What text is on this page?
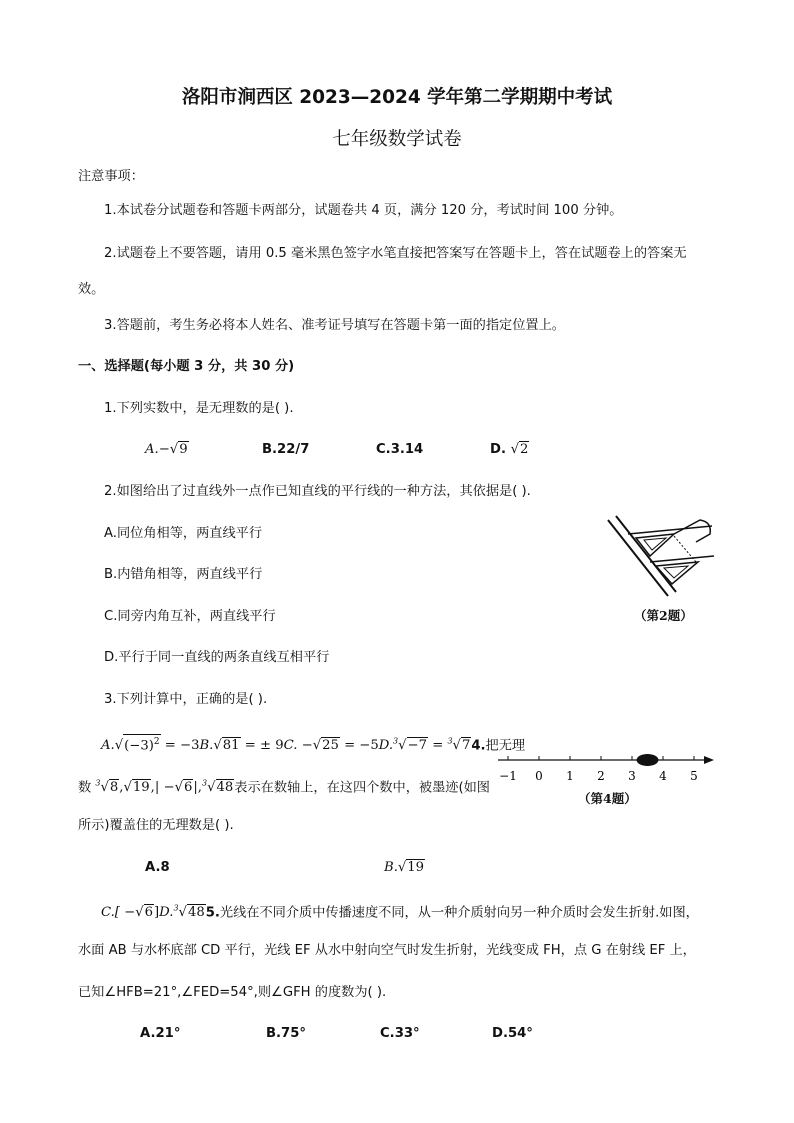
洛阳市涧西区 2023—2024 学年第二学期期中考试
七年级数学试卷
注意事项：
1.本试卷分试题卷和答题卡两部分，试题卷共 4 页，满分 120 分，考试时间 100 分钟。
2.试题卷上不要答题，请用 0.5 毫米黑色签字水笔直接把答案写在答题卡上，答在试题卷上的答案无
效。
3.答题前，考生务必将本人姓名、准考证号填写在答题卡第一面的指定位置上。
一、选择题(每小题 3 分，共 30 分)
1.下列实数中，是无理数的是( ).
A.−√9	B.22/7	C.3.14	D. √2
2.如图给出了过直线外一点作已知直线的平行线的一种方法，其依据是( ).
A.同位角相等，两直线平行
B.内错角相等，两直线平行
C.同旁内角互补，两直线平行
D.平行于同一直线的两条直线互相平行
（第2题）
3.下列计算中，正确的是( ).
$A.√(-3)^2 = -3B.√81$ = ± 9C. −√25 = −5D.$^3$√−7 = $^3$√74.把无理
数 $^3$√8,√19,| −√6|,$^3$√48表示在数轴上，在这四个数中，被墨迹(如图
所示)覆盖住的无理数是( ).
−1 0 1 2 3 4 5
（第4题）
A.8	B.√19
C.[ −√6]D.$^3$√485.光线在不同介质中传播速度不同，从一种介质射向另一种介质时会发生折射.如图，
水面 AB 与水杯底部 CD 平行，光线 EF 从水中射向空气时发生折射，光线变成 FH，点 G 在射线 EF 上，
已知∠HFB=21°,∠FED=54°,则∠GFH 的度数为( ).
A.21°	B.75°	C.33°	D.54°
